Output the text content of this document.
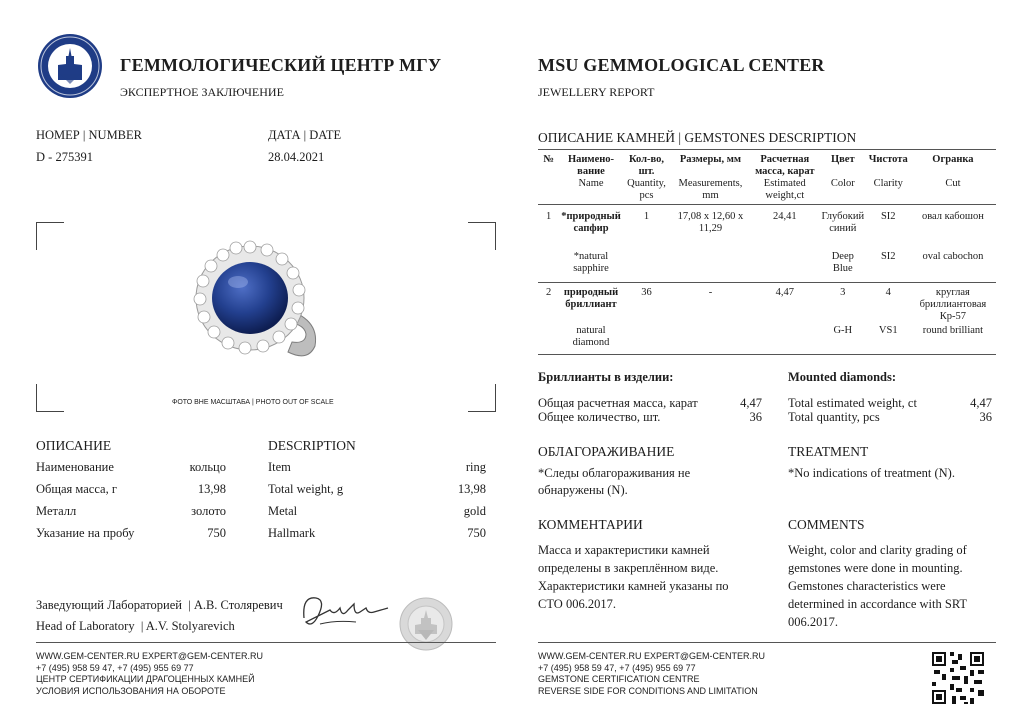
ГЕММОЛОГИЧЕСКИЙ ЦЕНТР МГУ
ЭКСПЕРТНОЕ ЗАКЛЮЧЕНИЕ
MSU GEMMOLOGICAL CENTER
JEWELLERY REPORT
НОМЕР | NUMBER
D - 275391
ДАТА | DATE
28.04.2021
ФОТО ВНЕ МАСШТАБА | PHOTO OUT OF SCALE
ОПИСАНИЕ
Наименование	кольцо
Общая масса, г	13,98
Металл	золото
Указание на пробу	750
DESCRIPTION
Item	ring
Total weight, g	13,98
Metal	gold
Hallmark	750
Заведующий Лабораторией  | А.В. Столяревич
Head of Laboratory  | A.V. Stolyarevich
WWW.GEM-CENTER.RU EXPERT@GEM-CENTER.RU
+7 (495) 958 59 47, +7 (495) 955 69 77
ЦЕНТР СЕРТИФИКАЦИИ ДРАГОЦЕННЫХ КАМНЕЙ
УСЛОВИЯ ИСПОЛЬЗОВАНИЯ НА ОБОРОТЕ
ОПИСАНИЕ КАМНЕЙ | GEMSTONES DESCRIPTION
№	Наимено-вание	Кол-во, шт.	Размеры, мм	Расчетная масса, карат	Цвет	Чистота	Огранка
	Name	Quantity, pcs	Measurements, mm	Estimated weight,ct	Color	Clarity	Cut
1	*природный сапфир	1	17,08 x 12,60 x 11,29	24,41	Глубокий синий	SI2	овал кабошон
	*natural sapphire				Deep Blue	SI2	oval cabochon
2	природный бриллиант	36	-	4,47	3	4	круглая бриллиантовая Кр-57
	natural diamond				G-H	VS1	round brilliant
Бриллианты в изделии:
Общая расчетная масса, карат	4,47
Общее количество, шт.	36
Mounted diamonds:
Total estimated weight, ct	4,47
Total quantity, pcs	36
ОБЛАГОРАЖИВАНИЕ
*Следы облагораживания не обнаружены (N).
TREATMENT
*No indications of treatment (N).
КОММЕНТАРИИ
Масса и характеристики камней определены в закреплённом виде. Характеристики камней указаны по СТО 006.2017.
COMMENTS
Weight, color and clarity grading of gemstones were done in mounting. Gemstones characteristics were determined in accordance with SRT 006.2017.
WWW.GEM-CENTER.RU EXPERT@GEM-CENTER.RU
+7 (495) 958 59 47, +7 (495) 955 69 77
GEMSTONE CERTIFICATION CENTRE
REVERSE SIDE FOR CONDITIONS AND LIMITATION
